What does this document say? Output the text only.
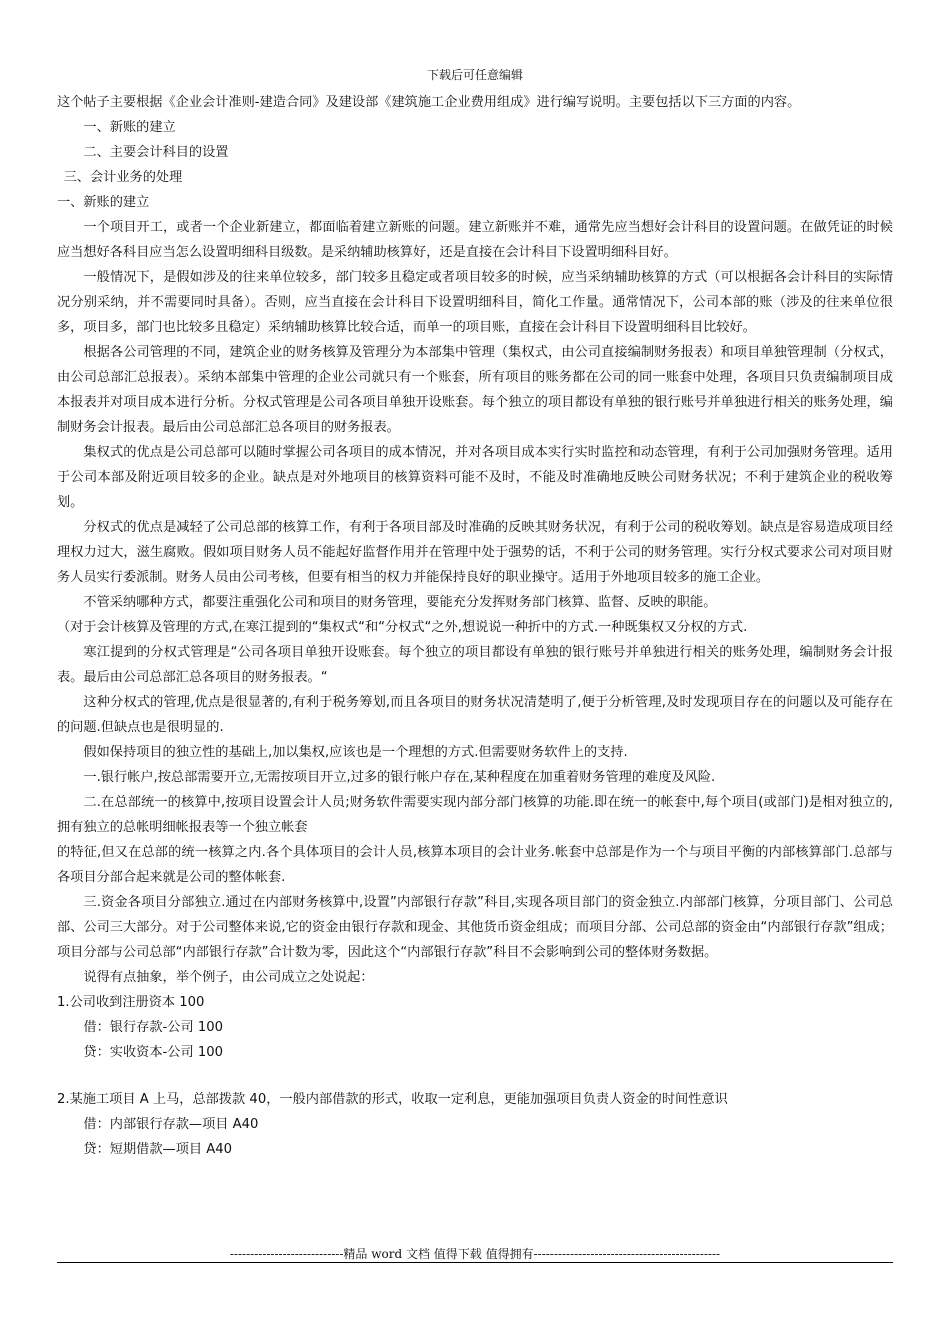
下载后可任意编辑

这个帖子主要根据《企业会计准则-建造合同》及建设部《建筑施工企业费用组成》进行编写说明。主要包括以下三方面的内容。

一、新账的建立

二、主要会计科目的设置

三、会计业务的处理

一、新账的建立

一个项目开工，或者一个企业新建立，都面临着建立新账的问题。建立新账并不难，通常先应当想好会计科目的设置问题。在做凭证的时候应当想好各科目应当怎么设置明细科目级数。是采纳辅助核算好，还是直接在会计科目下设置明细科目好。

一般情况下，是假如涉及的往来单位较多，部门较多且稳定或者项目较多的时候，应当采纳辅助核算的方式（可以根据各会计科目的实际情况分别采纳，并不需要同时具备）。否则，应当直接在会计科目下设置明细科目，简化工作量。通常情况下，公司本部的账（涉及的往来单位很多，项目多，部门也比较多且稳定）采纳辅助核算比较合适，而单一的项目账，直接在会计科目下设置明细科目比较好。

根据各公司管理的不同，建筑企业的财务核算及管理分为本部集中管理（集权式，由公司直接编制财务报表）和项目单独管理制（分权式，由公司总部汇总报表）。采纳本部集中管理的企业公司就只有一个账套，所有项目的账务都在公司的同一账套中处理，各项目只负责编制项目成本报表并对项目成本进行分析。分权式管理是公司各项目单独开设账套。每个独立的项目都设有单独的银行账号并单独进行相关的账务处理，编制财务会计报表。最后由公司总部汇总各项目的财务报表。

集权式的优点是公司总部可以随时掌握公司各项目的成本情况，并对各项目成本实行实时监控和动态管理，有利于公司加强财务管理。适用于公司本部及附近项目较多的企业。缺点是对外地项目的核算资料可能不及时，不能及时准确地反映公司财务状况；不利于建筑企业的税收筹划。

分权式的优点是减轻了公司总部的核算工作，有利于各项目部及时准确的反映其财务状况，有利于公司的税收筹划。缺点是容易造成项目经理权力过大，滋生腐败。假如项目财务人员不能起好监督作用并在管理中处于强势的话，不利于公司的财务管理。实行分权式要求公司对项目财务人员实行委派制。财务人员由公司考核，但要有相当的权力并能保持良好的职业操守。适用于外地项目较多的施工企业。

不管采纳哪种方式，都要注重强化公司和项目的财务管理，要能充分发挥财务部门核算、监督、反映的职能。

（对于会计核算及管理的方式,在寒江提到的“集权式“和“分权式“之外,想说说一种折中的方式.一种既集权又分权的方式.

寒江提到的分权式管理是“公司各项目单独开设账套。每个独立的项目都设有单独的银行账号并单独进行相关的账务处理，编制财务会计报表。最后由公司总部汇总各项目的财务报表。“

这种分权式的管理,优点是很显著的,有利于税务筹划,而且各项目的财务状况清楚明了,便于分析管理,及时发现项目存在的问题以及可能存在的问题.但缺点也是很明显的.

假如保持项目的独立性的基础上,加以集权,应该也是一个理想的方式.但需要财务软件上的支持.

一.银行帐户,按总部需要开立,无需按项目开立,过多的银行帐户存在,某种程度在加重着财务管理的难度及风险.

二.在总部统一的核算中,按项目设置会计人员;财务软件需要实现内部分部门核算的功能.即在统一的帐套中,每个项目(或部门)是相对独立的,拥有独立的总帐明细帐报表等一个独立帐套

的特征,但又在总部的统一核算之内.各个具体项目的会计人员,核算本项目的会计业务.帐套中总部是作为一个与项目平衡的内部核算部门.总部与各项目分部合起来就是公司的整体帐套.

三.资金各项目分部独立.通过在内部财务核算中,设置”内部银行存款”科目,实现各项目部门的资金独立.内部部门核算，分项目部门、公司总部、公司三大部分。对于公司整体来说,它的资金由银行存款和现金、其他货币资金组成；而项目分部、公司总部的资金由“内部银行存款”组成；项目分部与公司总部“内部银行存款”合计数为零，因此这个“内部银行存款”科目不会影响到公司的整体财务数据。

说得有点抽象，举个例子，由公司成立之处说起：

1.公司收到注册资本 100

借：银行存款-公司 100

贷：实收资本-公司 100

2.某施工项目 A 上马，总部拨款 40，一般内部借款的形式，收取一定利息，更能加强项目负责人资金的时间性意识

借：内部银行存款—项目 A40

贷：短期借款—项目 A40

----------------------------精品 word 文档 值得下载 值得拥有----------------------------------------------
